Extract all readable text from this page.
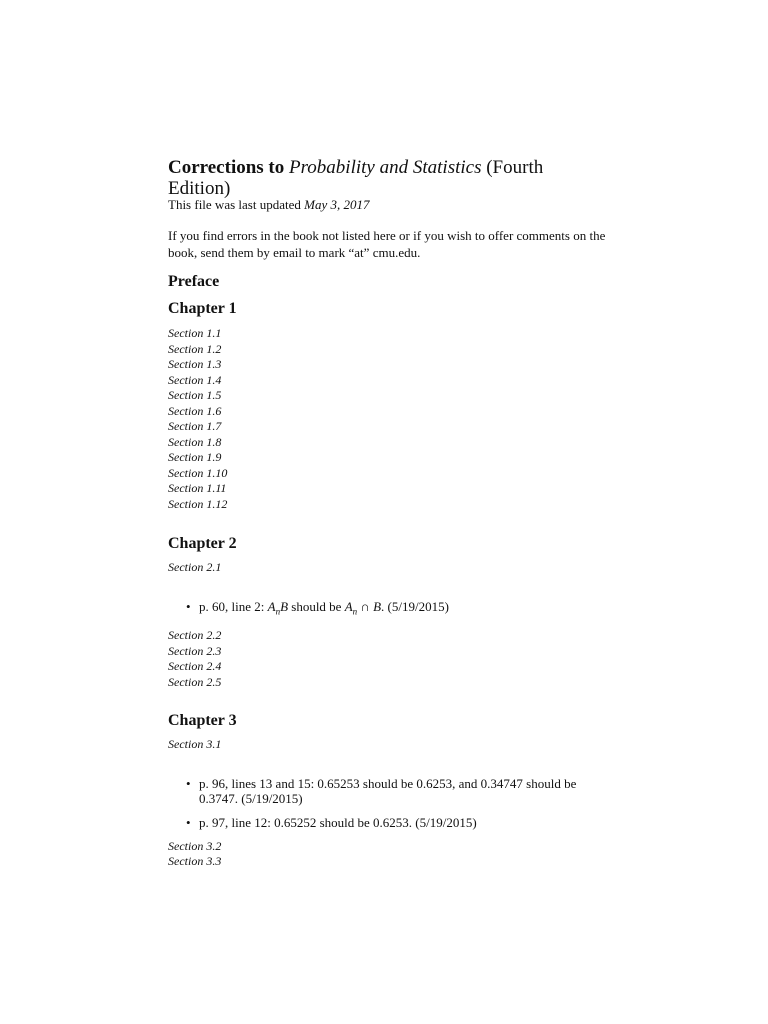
Corrections to Probability and Statistics (Fourth Edition)
This file was last updated May 3, 2017

If you find errors in the book not listed here or if you wish to offer comments on the book, send them by email to mark “at” cmu.edu.

Preface
Chapter 1
Section 1.1
Section 1.2
Section 1.3
Section 1.4
Section 1.5
Section 1.6
Section 1.7
Section 1.8
Section 1.9
Section 1.10
Section 1.11
Section 1.12
Chapter 2
Section 2.1
• p. 60, line 2: $A_nB$ should be $A_n$ ∩ B. (5/19/2015)
Section 2.2
Section 2.3
Section 2.4
Section 2.5
Chapter 3
Section 3.1
• p. 96, lines 13 and 15: 0.65253 should be 0.6253, and 0.34747 should be 0.3747. (5/19/2015)
• p. 97, line 12: 0.65252 should be 0.6253. (5/19/2015)
Section 3.2
Section 3.3
